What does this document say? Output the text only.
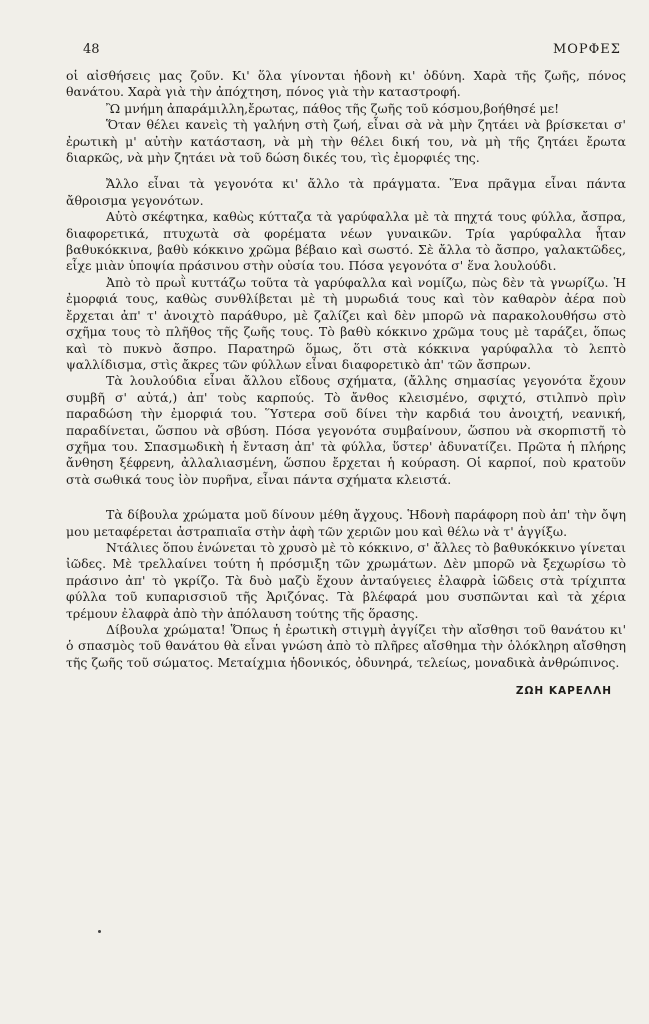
48	ΜΟΡΦΕΣ

οἱ αἰσθήσεις μας ζοῦν. Κι' ὅλα γίνονται ἡδονὴ κι' ὀδύνη. Χαρὰ τῆς ζωῆς, πόνος θανάτου. Χαρὰ γιὰ τὴν ἀπόχτηση, πόνος γιὰ τὴν καταστροφή.

Ὢ μνήμη ἀπαράμιλλη,ἔρωτας, πάθος τῆς ζωῆς τοῦ κόσμου,βοήθησέ με!

Ὅταν θέλει κανεὶς τὴ γαλήνη στὴ ζωή, εἶναι σὰ νὰ μὴν ζητάει νὰ βρίσκεται σ' ἐρωτικὴ μ' αὐτὴν κατάσταση, νὰ μὴ τὴν θέλει δική του, νὰ μὴ τῆς ζητάει ἔρωτα διαρκῶς, νὰ μὴν ζητάει νὰ τοῦ δώση δικές του, τὶς ἐμορφιές της.

Ἄλλο εἶναι τὰ γεγονότα κι' ἄλλο τὰ πράγματα. Ἕνα πρᾶγμα εἶναι πάντα ἄθροισμα γεγονότων.

Αὐτὸ σκέφτηκα, καθὼς κύτταζα τὰ γαρύφαλλα μὲ τὰ πηχτά τους φύλλα, ἄσπρα, διαφορετικά, πτυχωτὰ σὰ φορέματα νέων γυναικῶν. Τρία γαρύφαλλα ἦταν βαθυκόκκινα, βαθὺ κόκκινο χρῶμα βέβαιο καὶ σωστό. Σὲ ἄλλα τὸ ἄσπρο, γαλακτῶδες, εἶχε μιὰν ὑποψία πράσινου στὴν οὐσία του. Πόσα γεγονότα σ' ἕνα λουλούδι.

Ἀπὸ τὸ πρωῒ κυττάζω τοῦτα τὰ γαρύφαλλα καὶ νομίζω, πὼς δὲν τὰ γνωρίζω. Ἡ ἐμορφιά τους, καθὼς συνθλίβεται μὲ τὴ μυρωδιά τους καὶ τὸν καθαρὸν ἀέρα ποὺ ἔρχεται ἀπ' τ' ἀνοιχτὸ παράθυρο, μὲ ζαλίζει καὶ δὲν μπορῶ νὰ παρακολουθήσω στὸ σχῆμα τους τὸ πλῆθος τῆς ζωῆς τους. Τὸ βαθὺ κόκκινο χρῶμα τους μὲ ταράζει, ὅπως καὶ τὸ πυκνὸ ἄσπρο. Παρατηρῶ ὅμως, ὅτι στὰ κόκκινα γαρύφαλλα τὸ λεπτὸ ψαλλίδισμα, στὶς ἄκρες τῶν φύλλων εἶναι διαφορετικὸ ἀπ' τῶν ἄσπρων.

Τὰ λουλούδια εἶναι ἄλλου εἴδους σχήματα, (ἄλλης σημασίας γεγονότα ἔχουν συμβῆ σ' αὐτά,) ἀπ' τοὺς καρπούς. Τὸ ἄνθος κλεισμένο, σφιχτό, στιλπνὸ πρὶν παραδώση τὴν ἐμορφιά του. Ὕστερα σοῦ δίνει τὴν καρδιά του ἀνοιχτή, νεανική, παραδίνεται, ὥσπου νὰ σβύση. Πόσα γεγονότα συμβαίνουν, ὥσπου νὰ σκορπιστῆ τὸ σχῆμα του. Σπασμωδικὴ ἡ ἔνταση ἀπ' τὰ φύλλα, ὕστερ' ἀδυνατίζει. Πρῶτα ἡ πλήρης ἄνθηση ξέφρενη, ἀλλαλιασμένη, ὥσπου ἔρχεται ἡ κούραση. Οἱ καρποί, ποὺ κρατοῦν στὰ σωθικά τους ἰὸν πυρῆνα, εἶναι πάντα σχήματα κλειστά.

Τὰ δίβουλα χρώματα μοῦ δίνουν μέθη ἄγχους. Ἡδονὴ παράφορη ποὺ ἀπ' τὴν ὄψη μου μεταφέρεται ἀστραπιαῖα στὴν ἀφὴ τῶν χεριῶν μου καὶ θέλω νὰ τ' ἀγγίξω.

Ντάλιες ὅπου ἑνώνεται τὸ χρυσὸ μὲ τὸ κόκκινο, σ' ἄλλες τὸ βαθυκόκκινο γίνεται ἰῶδες. Μὲ τρελλαίνει τούτη ἡ πρόσμιξη τῶν χρωμάτων. Δὲν μπορῶ νὰ ξεχωρίσω τὸ πράσινο ἀπ' τὸ γκρίζο. Τὰ δυὸ μαζὺ ἔχουν ἀνταύγειες ἐλαφρὰ ἰῶδεις στὰ τρίχιπτα φύλλα τοῦ κυπαρισσιοῦ τῆς Ἀριζόνας. Τὰ βλέφαρά μου συσπῶνται καὶ τὰ χέρια τρέμουν ἐλαφρὰ ἀπὸ τὴν ἀπόλαυση τούτης τῆς ὅρασης.

Δίβουλα χρώματα! Ὅπως ἡ ἐρωτικὴ στιγμὴ ἀγγίζει τὴν αἴσθησι τοῦ θανάτου κι' ὁ σπασμὸς τοῦ θανάτου θὰ εἶναι γνώση ἀπὸ τὸ πλῆρες αἴσθημα τὴν ὁλόκληρη αἴσθηση τῆς ζωῆς τοῦ σώματος. Μεταίχμια ἡδονικός, ὀδυνηρά, τελείως, μοναδικὰ ἀνθρώπινος.

ΖΩΗ ΚΑΡΕΛΛΗ
